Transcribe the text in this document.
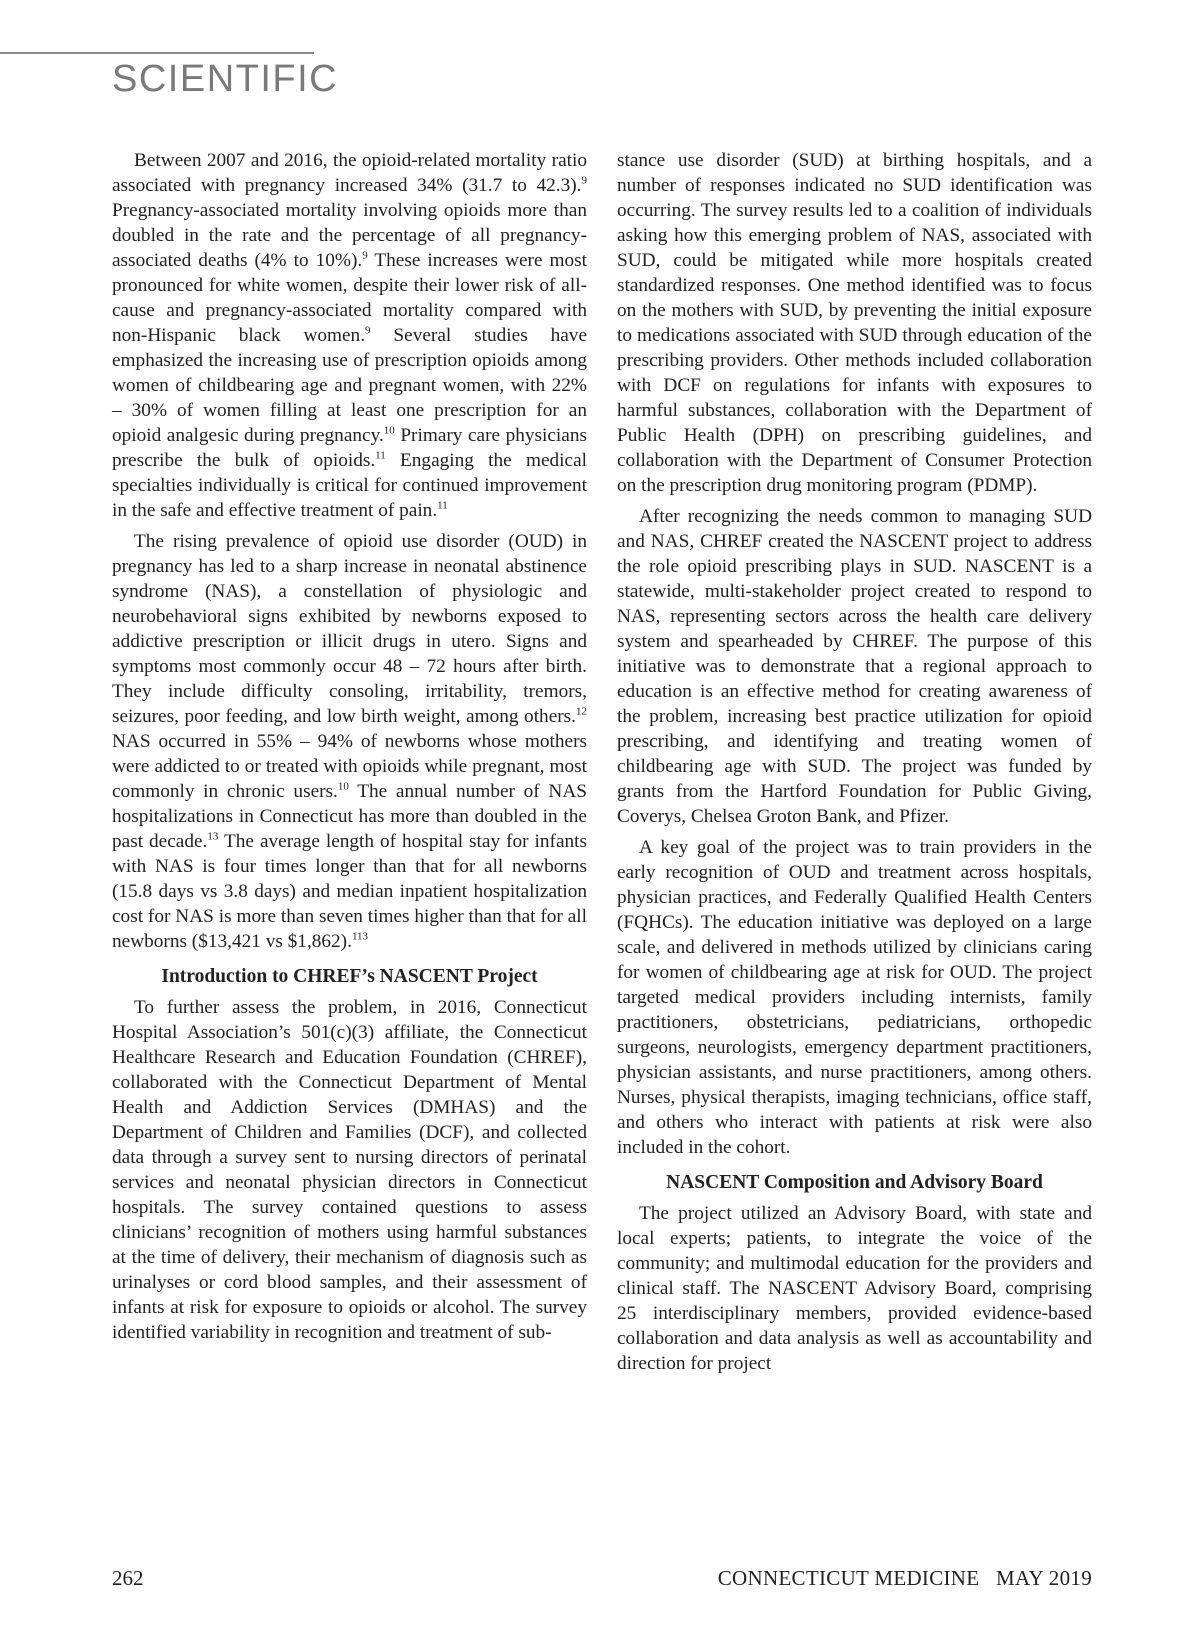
SCIENTIFIC

Between 2007 and 2016, the opioid-related mortality ratio associated with pregnancy increased 34% (31.7 to 42.3).$^9$ Pregnancy-associated mortality involving opioids more than doubled in the rate and the percentage of all pregnancy-associated deaths (4% to 10%).$^9$ These increases were most pronounced for white women, despite their lower risk of all-cause and pregnancy-associated mortality compared with non-Hispanic black women.$^9$ Several studies have emphasized the increasing use of prescription opioids among women of childbearing age and pregnant women, with 22% – 30% of women filling at least one prescription for an opioid analgesic during pregnancy.$^{10}$ Primary care physicians prescribe the bulk of opioids.$^{11}$ Engaging the medical specialties individually is critical for continued improvement in the safe and effective treatment of pain.$^{11}$

The rising prevalence of opioid use disorder (OUD) in pregnancy has led to a sharp increase in neonatal abstinence syndrome (NAS), a constellation of physiologic and neurobehavioral signs exhibited by newborns exposed to addictive prescription or illicit drugs in utero. Signs and symptoms most commonly occur 48 – 72 hours after birth. They include difficulty consoling, irritability, tremors, seizures, poor feeding, and low birth weight, among others.$^{12}$ NAS occurred in 55% – 94% of newborns whose mothers were addicted to or treated with opioids while pregnant, most commonly in chronic users.$^{10}$ The annual number of NAS hospitalizations in Connecticut has more than doubled in the past decade.$^{13}$ The average length of hospital stay for infants with NAS is four times longer than that for all newborns (15.8 days vs 3.8 days) and median inpatient hospitalization cost for NAS is more than seven times higher than that for all newborns ($13,421 vs $1,862).$^{113}$

Introduction to CHREF’s NASCENT Project

To further assess the problem, in 2016, Connecticut Hospital Association’s 501(c)(3) affiliate, the Connecticut Healthcare Research and Education Foundation (CHREF), collaborated with the Connecticut Department of Mental Health and Addiction Services (DMHAS) and the Department of Children and Families (DCF), and collected data through a survey sent to nursing directors of perinatal services and neonatal physician directors in Connecticut hospitals. The survey contained questions to assess clinicians’ recognition of mothers using harmful substances at the time of delivery, their mechanism of diagnosis such as urinalyses or cord blood samples, and their assessment of infants at risk for exposure to opioids or alcohol. The survey identified variability in recognition and treatment of sub-

stance use disorder (SUD) at birthing hospitals, and a number of responses indicated no SUD identification was occurring. The survey results led to a coalition of individuals asking how this emerging problem of NAS, associated with SUD, could be mitigated while more hospitals created standardized responses. One method identified was to focus on the mothers with SUD, by preventing the initial exposure to medications associated with SUD through education of the prescribing providers. Other methods included collaboration with DCF on regulations for infants with exposures to harmful substances, collaboration with the Department of Public Health (DPH) on prescribing guidelines, and collaboration with the Department of Consumer Protection on the prescription drug monitoring program (PDMP).

After recognizing the needs common to managing SUD and NAS, CHREF created the NASCENT project to address the role opioid prescribing plays in SUD. NASCENT is a statewide, multi-stakeholder project created to respond to NAS, representing sectors across the health care delivery system and spearheaded by CHREF. The purpose of this initiative was to demonstrate that a regional approach to education is an effective method for creating awareness of the problem, increasing best practice utilization for opioid prescribing, and identifying and treating women of childbearing age with SUD. The project was funded by grants from the Hartford Foundation for Public Giving, Coverys, Chelsea Groton Bank, and Pfizer.

A key goal of the project was to train providers in the early recognition of OUD and treatment across hospitals, physician practices, and Federally Qualified Health Centers (FQHCs). The education initiative was deployed on a large scale, and delivered in methods utilized by clinicians caring for women of childbearing age at risk for OUD. The project targeted medical providers including internists, family practitioners, obstetricians, pediatricians, orthopedic surgeons, neurologists, emergency department practitioners, physician assistants, and nurse practitioners, among others. Nurses, physical therapists, imaging technicians, office staff, and others who interact with patients at risk were also included in the cohort.

NASCENT Composition and Advisory Board

The project utilized an Advisory Board, with state and local experts; patients, to integrate the voice of the community; and multimodal education for the providers and clinical staff. The NASCENT Advisory Board, comprising 25 interdisciplinary members, provided evidence-based collaboration and data analysis as well as accountability and direction for project

262	CONNECTICUT MEDICINE   MAY 2019
